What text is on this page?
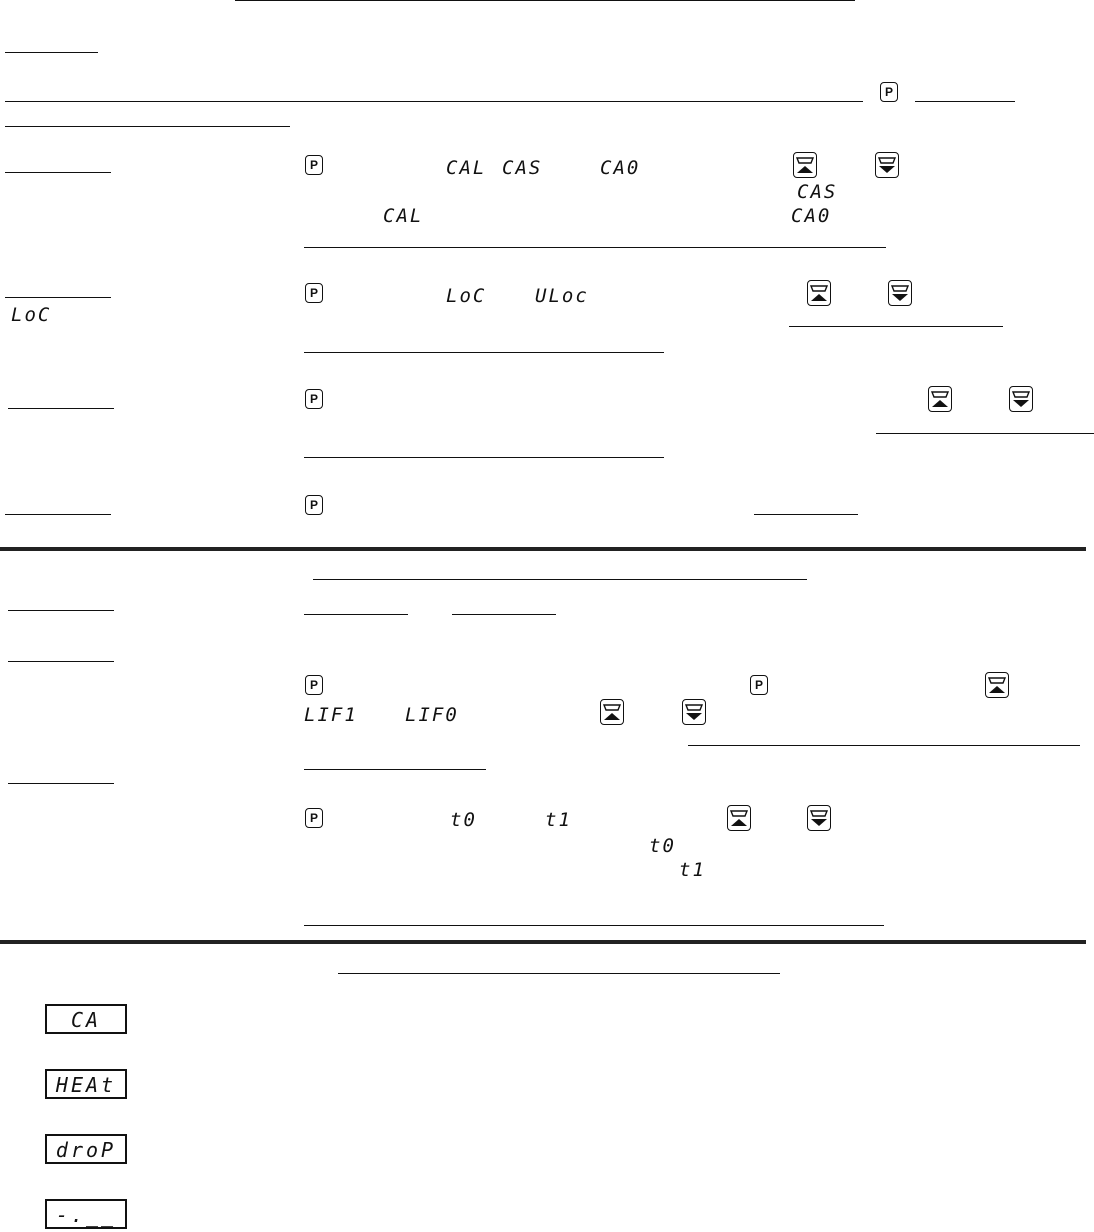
P
P	CAL CAS	CA0
CAS
CAL	CA0
LoC
P	LoC	ULoc
P
P
P	P
LIF1 LIF0
P	t0	t1
t0
t1
CA
HEAt
droP
-.__
